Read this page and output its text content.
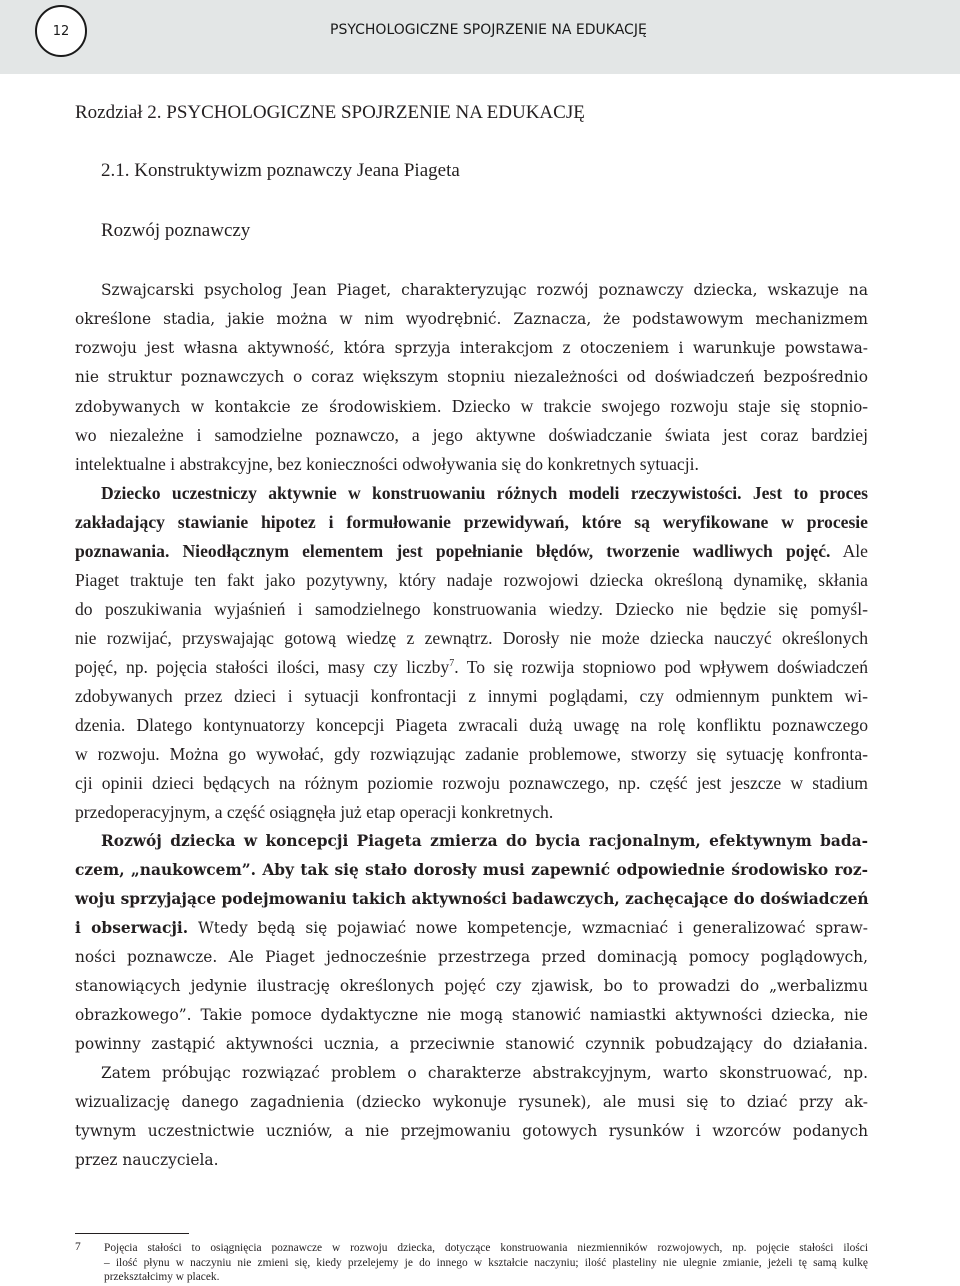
12	PSYCHOLOGICZNE SPOJRZENIE NA EDUKACJĘ
Rozdział 2. PSYCHOLOGICZNE SPOJRZENIE NA EDUKACJĘ
2.1. Konstruktywizm poznawczy Jeana Piageta
Rozwój poznawczy
Szwajcarski psycholog Jean Piaget, charakteryzując rozwój poznawczy dziecka, wskazuje na
określone stadia, jakie można w nim wyodrębnić. Zaznacza, że podstawowym mechanizmem
rozwoju jest własna aktywność, która sprzyja interakcjom z otoczeniem i warunkuje powstawa-
nie struktur poznawczych o coraz większym stopniu niezależności od doświadczeń bezpośrednio
zdobywanych w kontakcie ze środowiskiem. Dziecko w trakcie swojego rozwoju staje się stopnio-
wo niezależne i samodzielne poznawczo, a jego aktywne doświadczanie świata jest coraz bardziej
intelektualne i abstrakcyjne, bez konieczności odwoływania się do konkretnych sytuacji.
Dziecko uczestniczy aktywnie w konstruowaniu różnych modeli rzeczywistości. Jest to proces
zakładający stawianie hipotez i formułowanie przewidywań, które są weryfikowane w procesie
poznawania. Nieodłącznym elementem jest popełnianie błędów, tworzenie wadliwych pojęć. Ale
Piaget traktuje ten fakt jako pozytywny, który nadaje rozwojowi dziecka określoną dynamikę, skłania
do poszukiwania wyjaśnień i samodzielnego konstruowania wiedzy. Dziecko nie będzie się pomyśl-
nie rozwijać, przyswajając gotową wiedzę z zewnątrz. Dorosły nie może dziecka nauczyć określonych
pojęć, np. pojęcia stałości ilości, masy czy liczby$^7$. To się rozwija stopniowo pod wpływem doświadczeń
zdobywanych przez dzieci i sytuacji konfrontacji z innymi poglądami, czy odmiennym punktem wi-
dzenia. Dlatego kontynuatorzy koncepcji Piageta zwracali dużą uwagę na rolę konfliktu poznawczego
w rozwoju. Można go wywołać, gdy rozwiązując zadanie problemowe, stworzy się sytuację konfronta-
cji opinii dzieci będących na różnym poziomie rozwoju poznawczego, np. część jest jeszcze w stadium
przedoperacyjnym, a część osiągnęła już etap operacji konkretnych.
Rozwój dziecka w koncepcji Piageta zmierza do bycia racjonalnym, efektywnym bada-
czem, „naukowcem”. Aby tak się stało dorosły musi zapewnić odpowiednie środowisko roz-
woju sprzyjające podejmowaniu takich aktywności badawczych, zachęcające do doświadczeń
i obserwacji. Wtedy będą się pojawiać nowe kompetencje, wzmacniać i generalizować spraw-
ności poznawcze. Ale Piaget jednocześnie przestrzega przed dominacją pomocy poglądowych,
stanowiących jedynie ilustrację określonych pojęć czy zjawisk, bo to prowadzi do „werbalizmu
obrazkowego”. Takie pomoce dydaktyczne nie mogą stanowić namiastki aktywności dziecka, nie
powinny zastąpić aktywności ucznia, a przeciwnie stanowić czynnik pobudzający do działania.
Zatem próbując rozwiązać problem o charakterze abstrakcyjnym, warto skonstruować, np.
wizualizację danego zagadnienia (dziecko wykonuje rysunek), ale musi się to dziać przy ak-
tywnym uczestnictwie uczniów, a nie przejmowaniu gotowych rysunków i wzorców podanych
przez nauczyciela.
7 Pojęcia stałości to osiągnięcia poznawcze w rozwoju dziecka, dotyczące konstruowania niezmienników rozwojowych, np. pojęcie stałości ilości
– ilość płynu w naczyniu nie zmieni się, kiedy przelejemy je do innego w kształcie naczyniu; ilość plasteliny nie ulegnie zmianie, jeżeli tę samą kulkę
przekształcimy w placek.
